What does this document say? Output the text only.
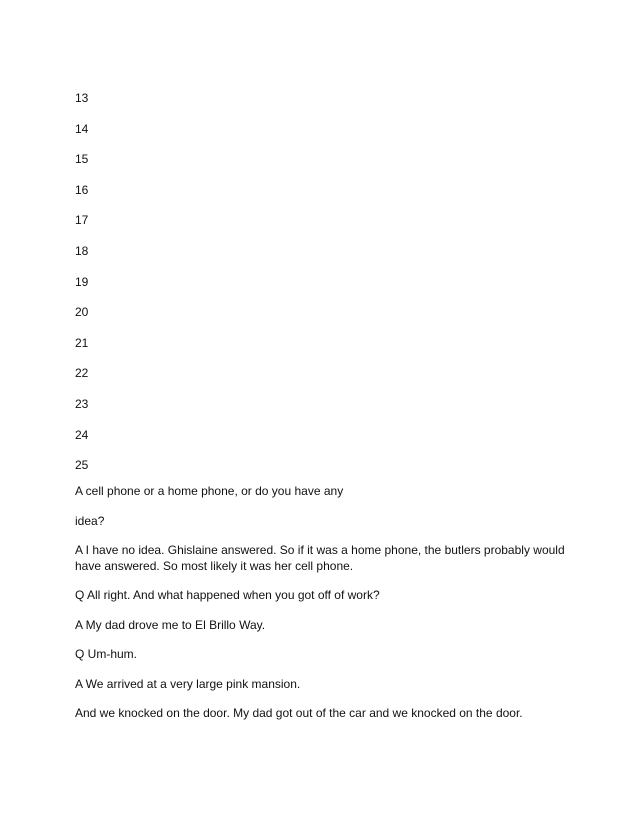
13
14
15
16
17
18
19
20
21
22
23
24
25

A cell phone or a home phone, or do you have any

idea?

A I have no idea. Ghislaine answered. So if it was a home phone, the butlers probably would have answered. So most likely it was her cell phone.

Q All right. And what happened when you got off of work?

A My dad drove me to El Brillo Way.

Q Um-hum.

A We arrived at a very large pink mansion.

And we knocked on the door. My dad got out of the car and we knocked on the door.
